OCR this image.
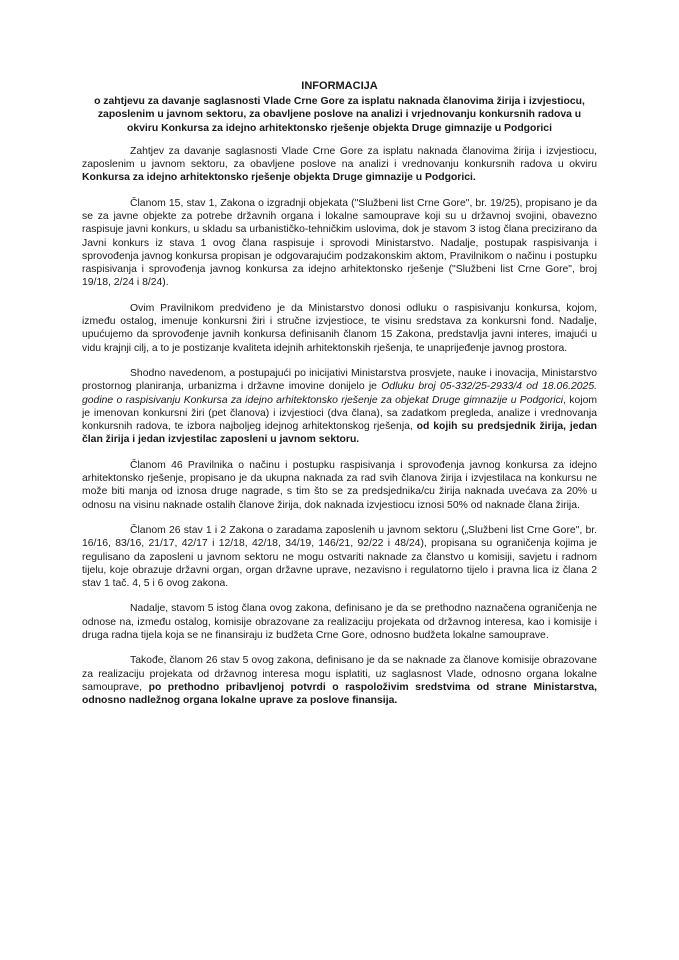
INFORMACIJA
o zahtjevu za davanje saglasnosti Vlade Crne Gore za isplatu naknada članovima žirija i izvjestiocu, zaposlenim u javnom sektoru, za obavljene poslove na analizi i vrjednovanju konkursnih radova u okviru Konkursa za idejno arhitektonsko rješenje objekta Druge gimnazije u Podgorici

Zahtjev za davanje saglasnosti Vlade Crne Gore za isplatu naknada članovima žirija i izvjestiocu, zaposlenim u javnom sektoru, za obavljene poslove na analizi i vrednovanju konkursnih radova u okviru Konkursa za idejno arhitektonsko rješenje objekta Druge gimnazije u Podgorici.

Članom 15, stav 1, Zakona o izgradnji objekata ("Službeni list Crne Gore", br. 19/25), propisano je da se za javne objekte za potrebe državnih organa i lokalne samouprave koji su u državnoj svojini, obavezno raspisuje javni konkurs, u skladu sa urbanističko-tehničkim uslovima, dok je stavom 3 istog člana precizirano da Javni konkurs iz stava 1 ovog člana raspisuje i sprovodi Ministarstvo. Nadalje, postupak raspisivanja i sprovođenja javnog konkursa propisan je odgovarajućim podzakonskim aktom, Pravilnikom o načinu i postupku raspisivanja i sprovođenja javnog konkursa za idejno arhitektonsko rješenje ("Službeni list Crne Gore", broj 19/18, 2/24 i 8/24).

Ovim Pravilnikom predviđeno je da Ministarstvo donosi odluku o raspisivanju konkursa, kojom, između ostalog, imenuje konkursni žiri i stručne izvjestioce, te visinu sredstava za konkursni fond. Nadalje, upućujemo da sprovođenje javnih konkursa definisanih članom 15 Zakona, predstavlja javni interes, imajući u vidu krajnji cilj, a to je postizanje kvaliteta idejnih arhitektonskih rješenja, te unaprijeđenje javnog prostora.

Shodno navedenom, a postupajući po inicijativi Ministarstva prosvjete, nauke i inovacija, Ministarstvo prostornog planiranja, urbanizma i državne imovine donijelo je Odluku broj 05-332/25-2933/4 od 18.06.2025. godine o raspisivanju Konkursa za idejno arhitektonsko rješenje za objekat Druge gimnazije u Podgorici, kojom je imenovan konkursni žiri (pet članova) i izvjestioci (dva člana), sa zadatkom pregleda, analize i vrednovanja konkursnih radova, te izbora najboljeg idejnog arhitektonskog rješenja, od kojih su predsjednik žirija, jedan član žirija i jedan izvjestilac zaposleni u javnom sektoru.

Članom 46 Pravilnika o načinu i postupku raspisivanja i sprovođenja javnog konkursa za idejno arhitektonsko rješenje, propisano je da ukupna naknada za rad svih članova žirija i izvjestilaca na konkursu ne može biti manja od iznosa druge nagrade, s tim što se za predsjednika/cu žirija naknada uvećava za 20% u odnosu na visinu naknade ostalih članove žirija, dok naknada izvjestiocu iznosi 50% od naknade člana žirija.

Članom 26 stav 1 i 2 Zakona o zaradama zaposlenih u javnom sektoru („Službeni list Crne Gore", br. 16/16, 83/16, 21/17, 42/17 i 12/18, 42/18, 34/19, 146/21, 92/22 i 48/24), propisana su ograničenja kojima je regulisano da zaposleni u javnom sektoru ne mogu ostvariti naknade za članstvo u komisiji, savjetu i radnom tijelu, koje obrazuje državni organ, organ državne uprave, nezavisno i regulatorno tijelo i pravna lica iz člana 2 stav 1 tač. 4, 5 i 6 ovog zakona.

Nadalje, stavom 5 istog člana ovog zakona, definisano je da se prethodno naznačena ograničenja ne odnose na, između ostalog, komisije obrazovane za realizaciju projekata od državnog interesa, kao i komisije i druga radna tijela koja se ne finansiraju iz budžeta Crne Gore, odnosno budžeta lokalne samouprave.

Takođe, članom 26 stav 5 ovog zakona, definisano je da se naknade za članove komisije obrazovane za realizaciju projekata od državnog interesa mogu isplatiti, uz saglasnost Vlade, odnosno organa lokalne samouprave, po prethodno pribavljenoj potvrdi o raspoloživim sredstvima od strane Ministarstva, odnosno nadležnog organa lokalne uprave za poslove finansija.
